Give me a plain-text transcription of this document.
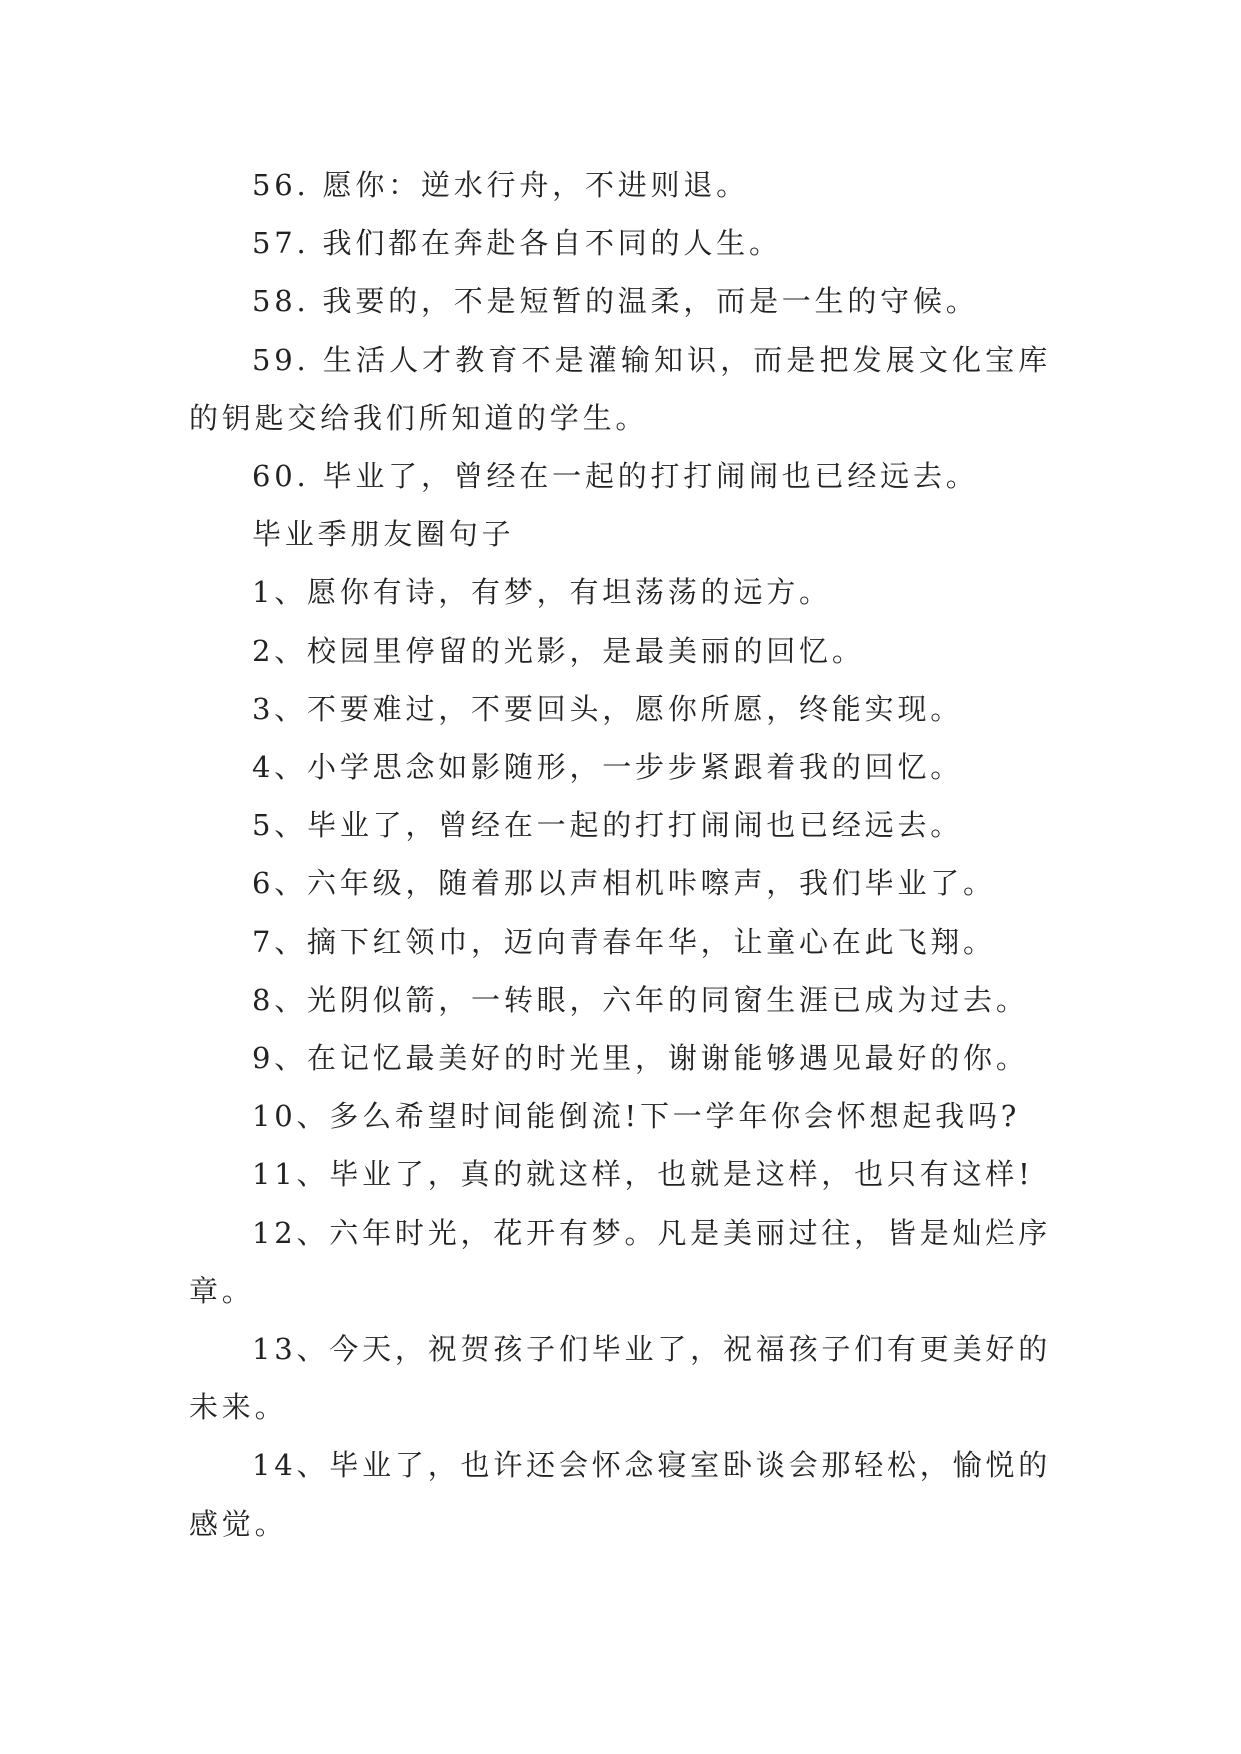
56. 愿你：逆水行舟，不进则退。

57. 我们都在奔赴各自不同的人生。

58. 我要的，不是短暂的温柔，而是一生的守候。

59. 生活人才教育不是灌输知识，而是把发展文化宝库的钥匙交给我们所知道的学生。

60. 毕业了，曾经在一起的打打闹闹也已经远去。

毕业季朋友圈句子

1、愿你有诗，有梦，有坦荡荡的远方。

2、校园里停留的光影，是最美丽的回忆。

3、不要难过，不要回头，愿你所愿，终能实现。

4、小学思念如影随形，一步步紧跟着我的回忆。

5、毕业了，曾经在一起的打打闹闹也已经远去。

6、六年级，随着那以声相机咔嚓声，我们毕业了。

7、摘下红领巾，迈向青春年华，让童心在此飞翔。

8、光阴似箭，一转眼，六年的同窗生涯已成为过去。

9、在记忆最美好的时光里，谢谢能够遇见最好的你。

10、多么希望时间能倒流!下一学年你会怀想起我吗?

11、毕业了，真的就这样，也就是这样，也只有这样!

12、六年时光，花开有梦。凡是美丽过往，皆是灿烂序章。

13、今天，祝贺孩子们毕业了，祝福孩子们有更美好的未来。

14、毕业了，也许还会怀念寝室卧谈会那轻松，愉悦的感觉。
